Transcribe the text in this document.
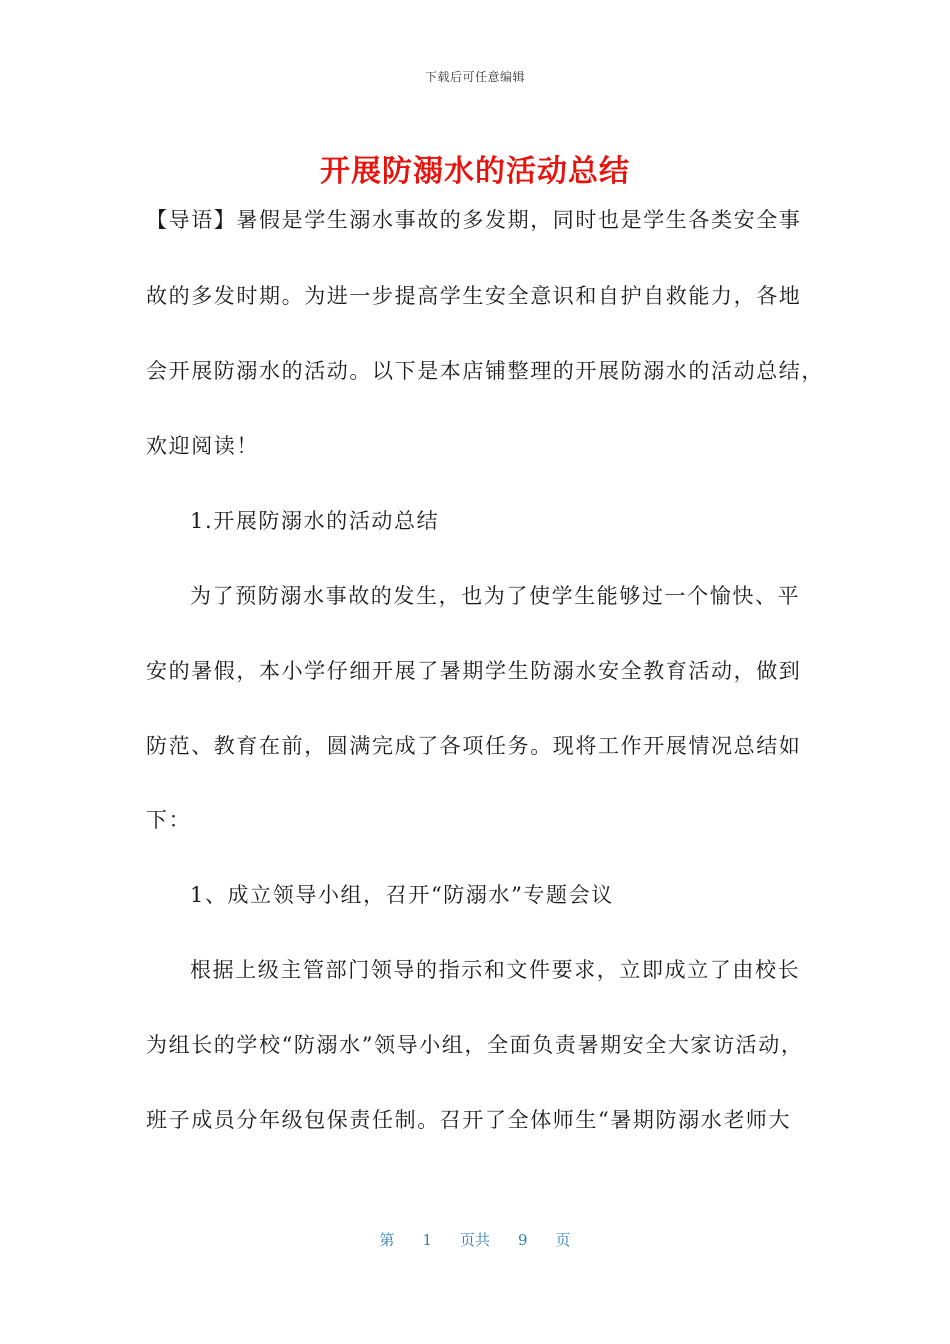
下载后可任意编辑
开展防溺水的活动总结
【导语】暑假是学生溺水事故的多发期，同时也是学生各类安全事
故的多发时期。为进一步提高学生安全意识和自护自救能力，各地
会开展防溺水的活动。以下是本店铺整理的开展防溺水的活动总结，
欢迎阅读！
1.开展防溺水的活动总结
为了预防溺水事故的发生，也为了使学生能够过一个愉快、平
安的暑假，本小学仔细开展了暑期学生防溺水安全教育活动，做到
防范、教育在前，圆满完成了各项任务。现将工作开展情况总结如
下：
1、成立领导小组，召开“防溺水”专题会议
根据上级主管部门领导的指示和文件要求，立即成立了由校长
为组长的学校“防溺水”领导小组，全面负责暑期安全大家访活动，
班子成员分年级包保责任制。召开了全体师生“暑期防溺水老师大
第 1 页共 9 页
